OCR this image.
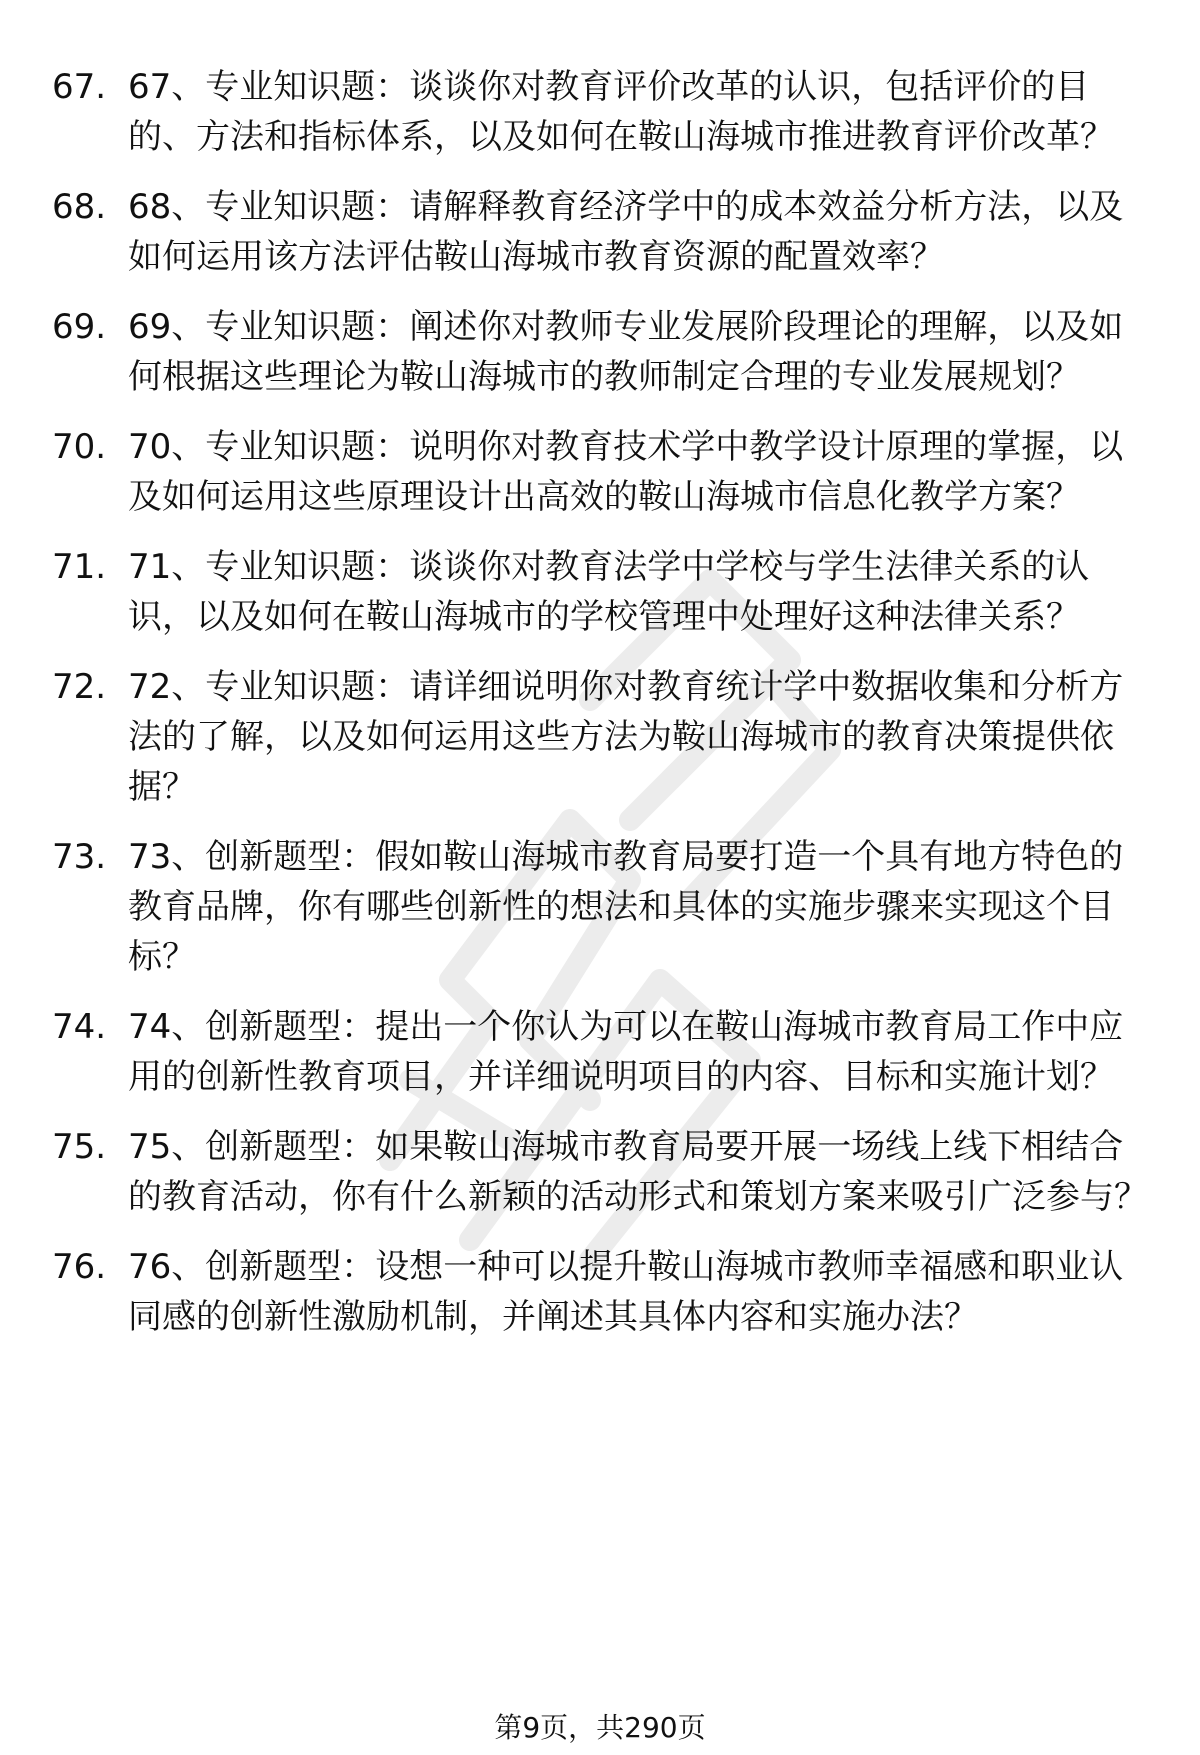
67. 67、专业知识题：谈谈你对教育评价改革的认识，包括评价的目的、方法和指标体系，以及如何在鞍山海城市推进教育评价改革？
68. 68、专业知识题：请解释教育经济学中的成本效益分析方法，以及如何运用该方法评估鞍山海城市教育资源的配置效率？
69. 69、专业知识题：阐述你对教师专业发展阶段理论的理解，以及如何根据这些理论为鞍山海城市的教师制定合理的专业发展规划？
70. 70、专业知识题：说明你对教育技术学中教学设计原理的掌握，以及如何运用这些原理设计出高效的鞍山海城市信息化教学方案？
71. 71、专业知识题：谈谈你对教育法学中学校与学生法律关系的认识，以及如何在鞍山海城市的学校管理中处理好这种法律关系？
72. 72、专业知识题：请详细说明你对教育统计学中数据收集和分析方法的了解，以及如何运用这些方法为鞍山海城市的教育决策提供依据？
73. 73、创新题型：假如鞍山海城市教育局要打造一个具有地方特色的教育品牌，你有哪些创新性的想法和具体的实施步骤来实现这个目标？
74. 74、创新题型：提出一个你认为可以在鞍山海城市教育局工作中应用的创新性教育项目，并详细说明项目的内容、目标和实施计划？
75. 75、创新题型：如果鞍山海城市教育局要开展一场线上线下相结合的教育活动，你有什么新颖的活动形式和策划方案来吸引广泛参与？
76. 76、创新题型：设想一种可以提升鞍山海城市教师幸福感和职业认同感的创新性激励机制，并阐述其具体内容和实施办法？
第9页，共290页
